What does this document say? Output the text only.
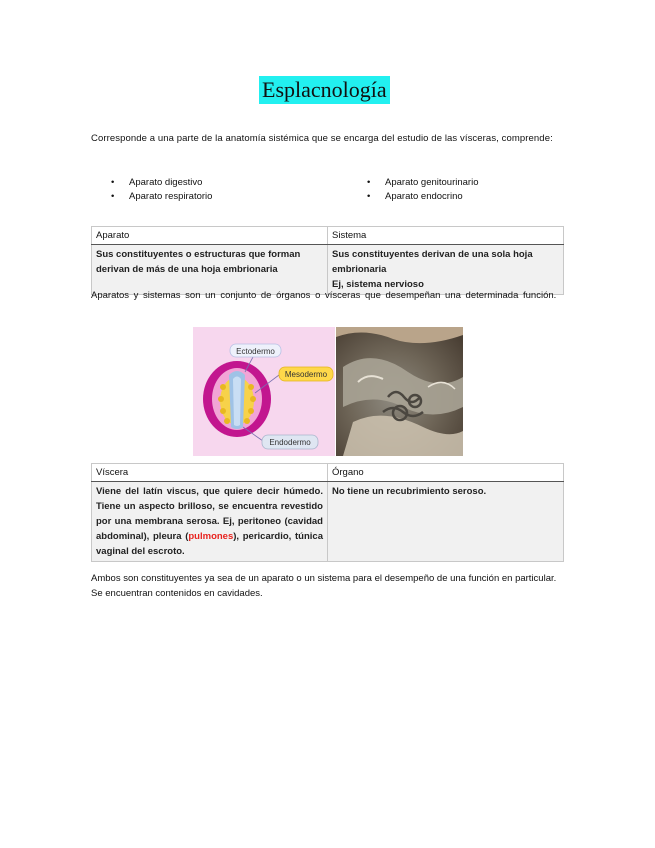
Esplacnología
Corresponde a una parte de la anatomía sistémica que se encarga del estudio de las vísceras, comprende:
• Aparato digestivo
• Aparato respiratorio
• Aparato genitourinario
• Aparato endocrino
Aparato	Sistema
Sus constituyentes o estructuras que forman derivan de más de una hoja embrionaria	Sus constituyentes derivan de una sola hoja embrionaria
Ej, sistema nervioso
Aparatos y sistemas son un conjunto de órganos o vísceras que desempeñan una determinada función.
Ectodermo
Mesodermo
Endodermo
Víscera	Órgano
Viene del latín viscus, que quiere decir húmedo. Tiene un aspecto brilloso, se encuentra revestido por una membrana serosa. Ej, peritoneo (cavidad abdominal), pleura (pulmones), pericardio, túnica vaginal del escroto.	No tiene un recubrimiento seroso.
Ambos son constituyentes ya sea de un aparato o un sistema para el desempeño de una función en particular. Se encuentran contenidos en cavidades.
